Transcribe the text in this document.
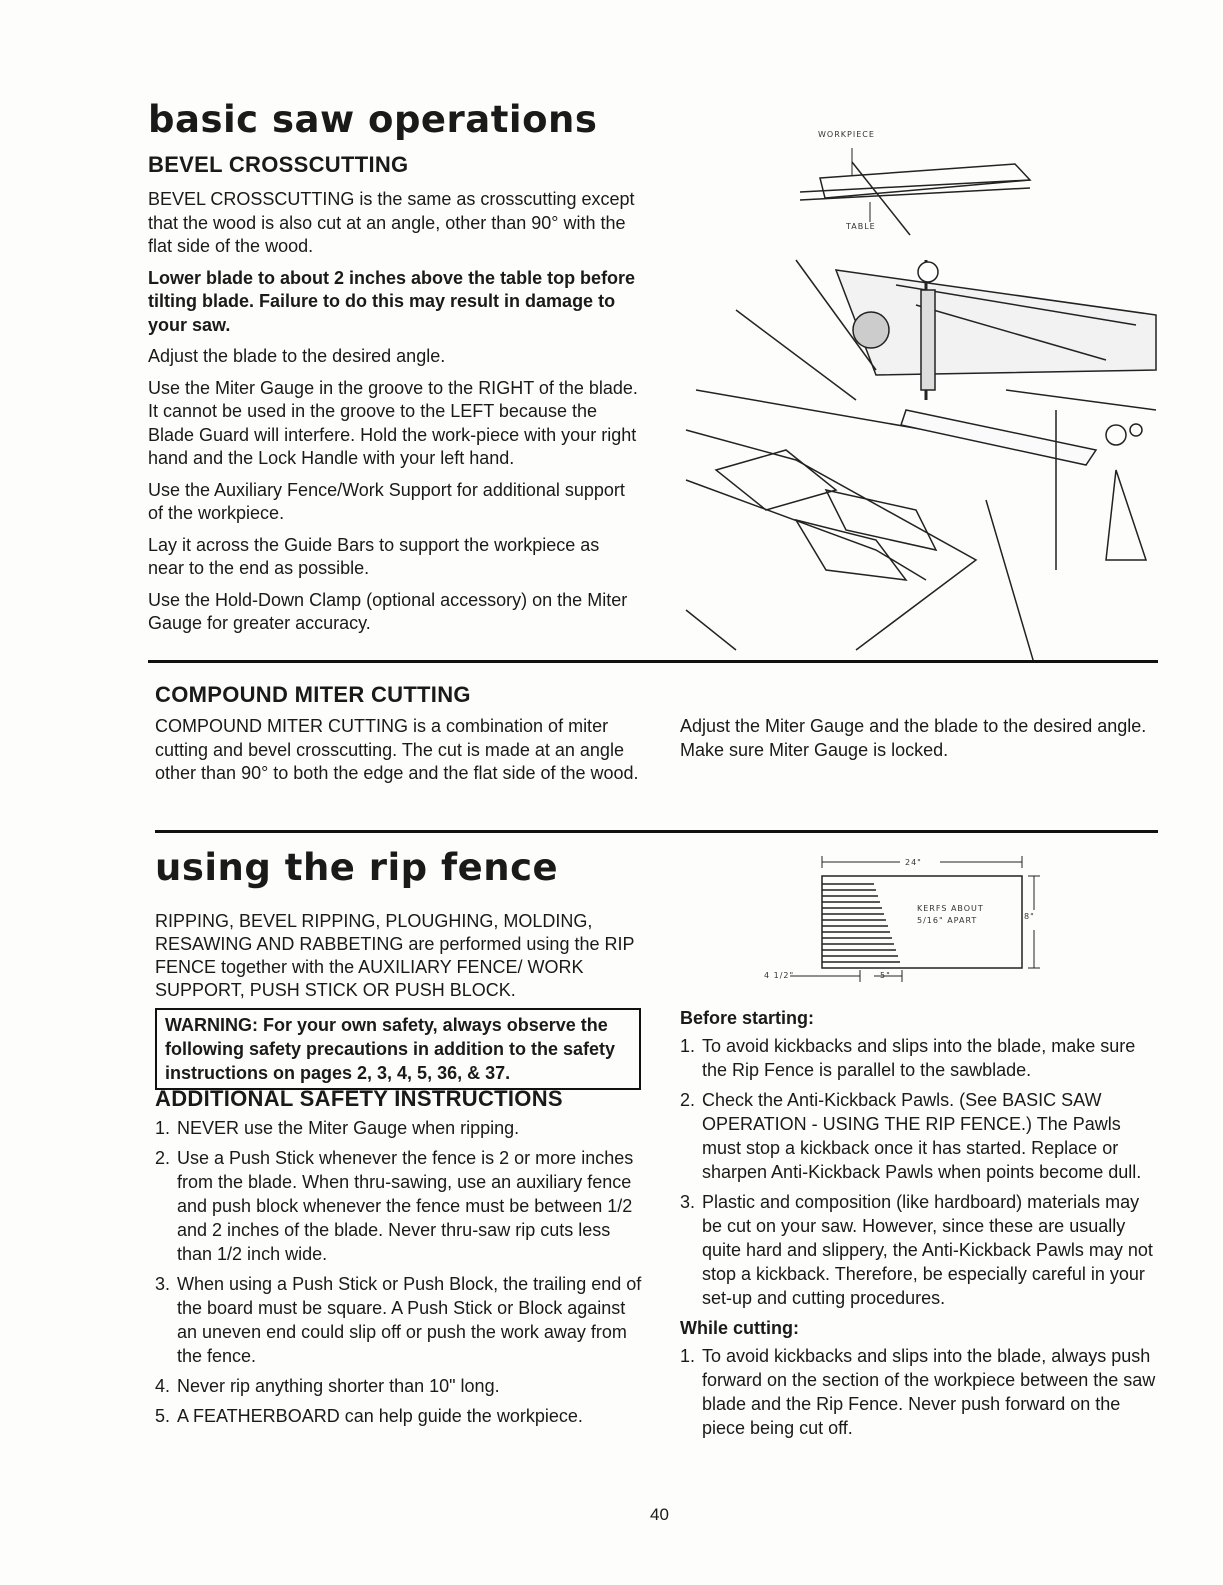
basic saw operations
BEVEL CROSSCUTTING

BEVEL CROSSCUTTING is the same as crosscutting except that the wood is also cut at an angle, other than 90° with the flat side of the wood.

Lower blade to about 2 inches above the table top before tilting blade. Failure to do this may result in damage to your saw.

Adjust the blade to the desired angle.

Use the Miter Gauge in the groove to the RIGHT of the blade. It cannot be used in the groove to the LEFT because the Blade Guard will interfere. Hold the work-piece with your right hand and the Lock Handle with your left hand.

Use the Auxiliary Fence/Work Support for additional support of the workpiece.

Lay it across the Guide Bars to support the workpiece as near to the end as possible.

Use the Hold-Down Clamp (optional accessory) on the Miter Gauge for greater accuracy.

WORKPIECE
TABLE
COMPOUND MITER CUTTING
COMPOUND MITER CUTTING is a combination of miter cutting and bevel crosscutting. The cut is made at an angle other than 90° to both the edge and the flat side of the wood.
Adjust the Miter Gauge and the blade to the desired angle. Make sure Miter Gauge is locked.
using the rip fence
RIPPING, BEVEL RIPPING, PLOUGHING, MOLDING, RESAWING AND RABBETING are performed using the RIP FENCE together with the AUXILIARY FENCE/ WORK SUPPORT, PUSH STICK OR PUSH BLOCK.
WARNING: For your own safety, always observe the following safety precautions in addition to the safety instructions on pages 2, 3, 4, 5, 36, & 37.
ADDITIONAL SAFETY INSTRUCTIONS
1. NEVER use the Miter Gauge when ripping.
2. Use a Push Stick whenever the fence is 2 or more inches from the blade. When thru-sawing, use an auxiliary fence and push block whenever the fence must be between 1/2 and 2 inches of the blade. Never thru-saw rip cuts less than 1/2 inch wide.
3. When using a Push Stick or Push Block, the trailing end of the board must be square. A Push Stick or Block against an uneven end could slip off or push the work away from the fence.
4. Never rip anything shorter than 10" long.
5. A FEATHERBOARD can help guide the workpiece.
24"
8"
4 1/2"	5"
KERFS ABOUT
5/16" APART
Before starting:
1. To avoid kickbacks and slips into the blade, make sure the Rip Fence is parallel to the sawblade.
2. Check the Anti-Kickback Pawls. (See BASIC SAW OPERATION - USING THE RIP FENCE.) The Pawls must stop a kickback once it has started. Replace or sharpen Anti-Kickback Pawls when points become dull.
3. Plastic and composition (like hardboard) materials may be cut on your saw. However, since these are usually quite hard and slippery, the Anti-Kickback Pawls may not stop a kickback. Therefore, be especially careful in your set-up and cutting procedures.
While cutting:
1. To avoid kickbacks and slips into the blade, always push forward on the section of the workpiece between the saw blade and the Rip Fence. Never push forward on the piece being cut off.
40
